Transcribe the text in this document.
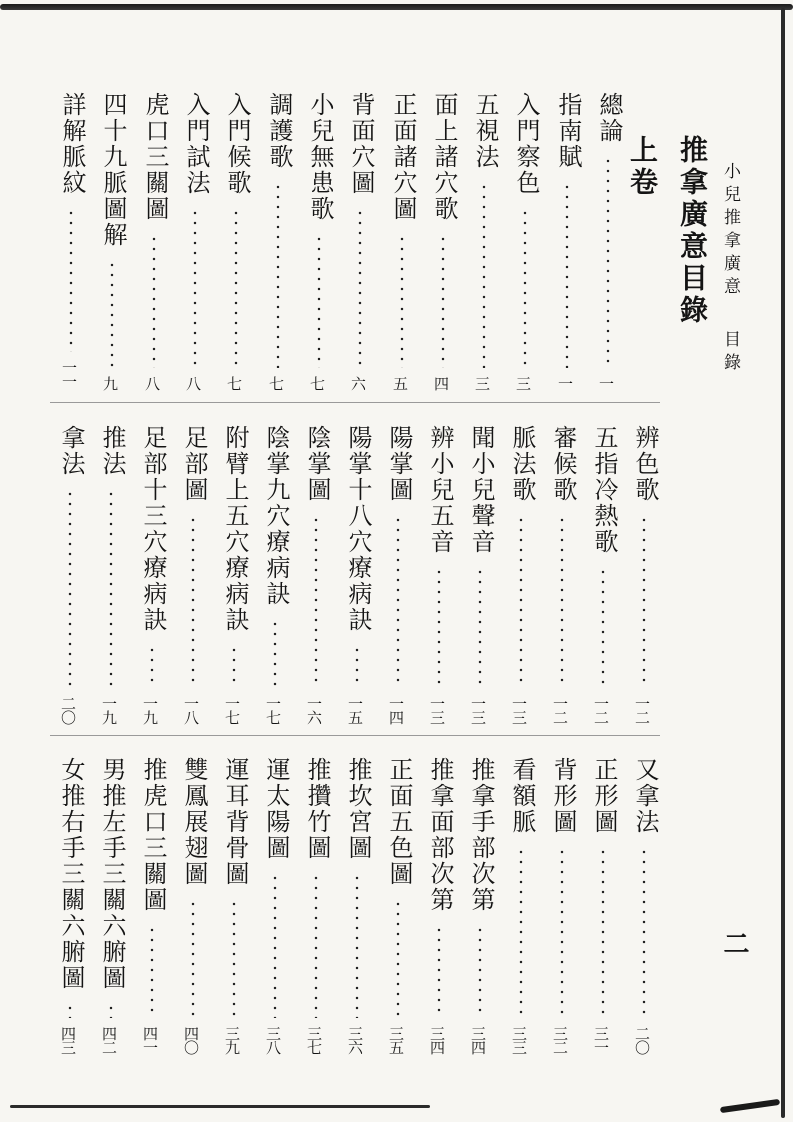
小兒推拿廣意目錄
二
推拿廣意目錄
上卷
總論
一
指南賦
一
入門察色
三
五視法
三
面上諸穴歌
四
正面諸穴圖
五
背面穴圖
六
小兒無患歌
七
調護歌
七
入門候歌
七
入門試法
八
虎口三關圖
八
四十九脈圖解
九
詳解脈紋
一一
辨色歌
一二
五指冷熱歌
一二
審候歌
一二
脈法歌
一三
聞小兒聲音
一三
辨小兒五音
一三
陽掌圖
一四
陽掌十八穴療病訣
一五
陰掌圖
一六
陰掌九穴療病訣
一七
附臂上五穴療病訣
一七
足部圖
一八
足部十三穴療病訣
一九
推法
一九
拿法
二〇
又拿法
二〇
正形圖
三一
背形圖
三二
看額脈
三三
推拿手部次第
三四
推拿面部次第
三四
正面五色圖
三五
推坎宮圖
三六
推攢竹圖
三七
運太陽圖
三八
運耳背骨圖
三九
雙鳳展翅圖
四〇
推虎口三關圖
四一
男推左手三關六腑圖
四二
女推右手三關六腑圖
四三
